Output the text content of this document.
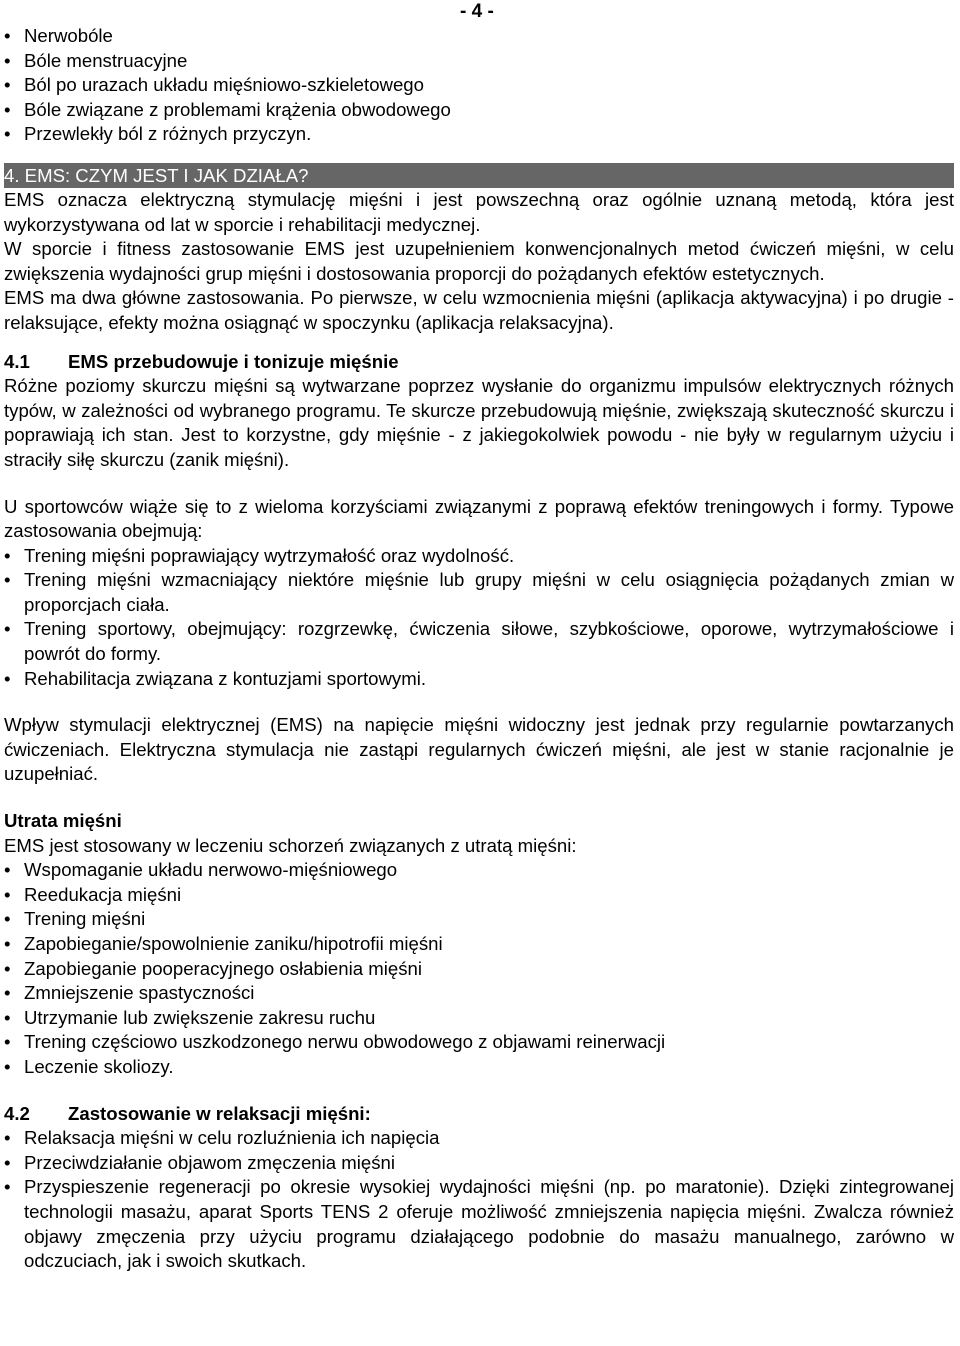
- 4 -
• Nerwobóle
• Bóle menstruacyjne
• Ból po urazach układu mięśniowo-szkieletowego
• Bóle związane z problemami krążenia obwodowego
• Przewlekły ból z różnych przyczyn.
4. EMS: CZYM JEST I JAK DZIAŁA?

EMS oznacza elektryczną stymulację mięśni i jest powszechną oraz ogólnie uznaną metodą, która jest wykorzystywana od lat w sporcie i rehabilitacji medycznej.

W sporcie i fitness zastosowanie EMS jest uzupełnieniem konwencjonalnych metod ćwiczeń mięśni, w celu zwiększenia wydajności grup mięśni i dostosowania proporcji do pożądanych efektów estetycznych.

EMS ma dwa główne zastosowania. Po pierwsze, w celu wzmocnienia mięśni (aplikacja aktywacyjna) i po drugie - relaksujące, efekty można osiągnąć w spoczynku (aplikacja relaksacyjna).

4.1 EMS przebudowuje i tonizuje mięśnie

Różne poziomy skurczu mięśni są wytwarzane poprzez wysłanie do organizmu impulsów elektrycznych różnych typów, w zależności od wybranego programu. Te skurcze przebudowują mięśnie, zwiększają skuteczność skurczu i poprawiają ich stan. Jest to korzystne, gdy mięśnie - z jakiegokolwiek powodu - nie były w regularnym użyciu i straciły siłę skurczu (zanik mięśni).

U sportowców wiąże się to z wieloma korzyściami związanymi z poprawą efektów treningowych i formy. Typowe zastosowania obejmują:

• Trening mięśni poprawiający wytrzymałość oraz wydolność.
• Trening mięśni wzmacniający niektóre mięśnie lub grupy mięśni w celu osiągnięcia pożądanych zmian w proporcjach ciała.
• Trening sportowy, obejmujący: rozgrzewkę, ćwiczenia siłowe, szybkościowe, oporowe, wytrzymałościowe i powrót do formy.
• Rehabilitacja związana z kontuzjami sportowymi.

Wpływ stymulacji elektrycznej (EMS) na napięcie mięśni widoczny jest jednak przy regularnie powtarzanych ćwiczeniach. Elektryczna stymulacja nie zastąpi regularnych ćwiczeń mięśni, ale jest w stanie racjonalnie je uzupełniać.

Utrata mięśni

EMS jest stosowany w leczeniu schorzeń związanych z utratą mięśni:

• Wspomaganie układu nerwowo-mięśniowego
• Reedukacja mięśni
• Trening mięśni
• Zapobieganie/spowolnienie zaniku/hipotrofii mięśni
• Zapobieganie pooperacyjnego osłabienia mięśni
• Zmniejszenie spastyczności
• Utrzymanie lub zwiększenie zakresu ruchu
• Trening częściowo uszkodzonego nerwu obwodowego z objawami reinerwacji
• Leczenie skoliozy.
4.2 Zastosowanie w relaksacji mięśni:
• Relaksacja mięśni w celu rozluźnienia ich napięcia
• Przeciwdziałanie objawom zmęczenia mięśni
• Przyspieszenie regeneracji po okresie wysokiej wydajności mięśni (np. po maratonie). Dzięki zintegrowanej technologii masażu, aparat Sports TENS 2 oferuje możliwość zmniejszenia napięcia mięśni. Zwalcza również objawy zmęczenia przy użyciu programu działającego podobnie do masażu manualnego, zarówno w odczuciach, jak i swoich skutkach.
